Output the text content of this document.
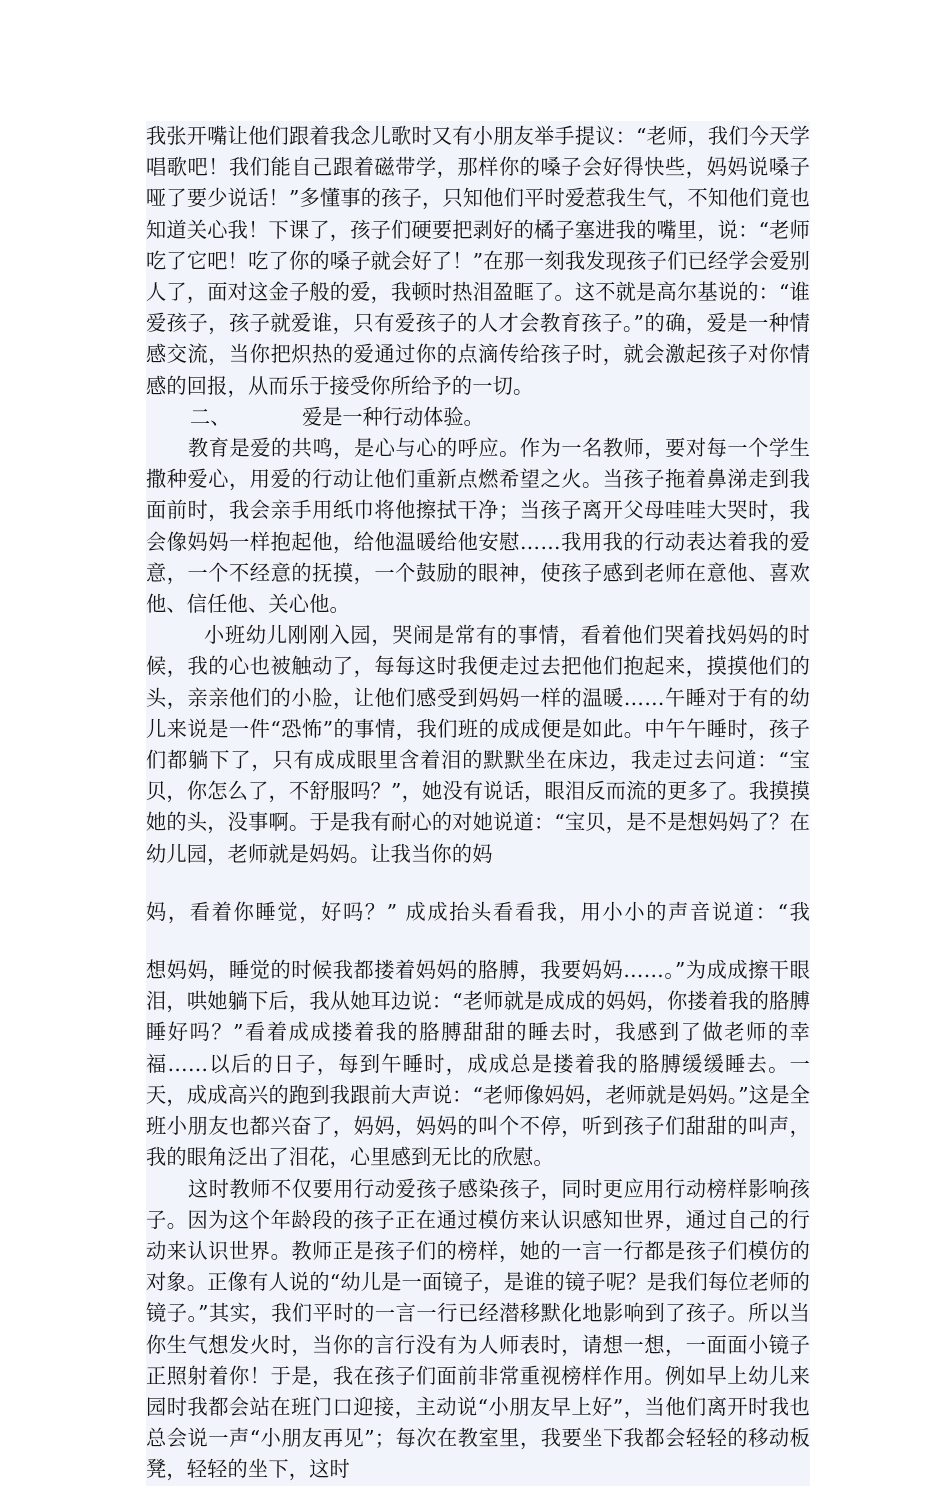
我张开嘴让他们跟着我念儿歌时又有小朋友举手提议：“老师，我们今天学唱歌吧！我们能自己跟着磁带学，那样你的嗓子会好得快些，妈妈说嗓子哑了要少说话！”多懂事的孩子，只知他们平时爱惹我生气，不知他们竟也知道关心我！下课了，孩子们硬要把剥好的橘子塞进我的嘴里，说：“老师吃了它吧！吃了你的嗓子就会好了！”在那一刻我发现孩子们已经学会爱别人了，面对这金子般的爱，我顿时热泪盈眶了。这不就是高尔基说的：“谁爱孩子，孩子就爱谁，只有爱孩子的人才会教育孩子。”的确，爱是一种情感交流，当你把炽热的爱通过你的点滴传给孩子时，就会激起孩子对你情感的回报，从而乐于接受你所给予的一切。

二、	爱是一种行动体验。

教育是爱的共鸣，是心与心的呼应。作为一名教师，要对每一个学生撒种爱心，用爱的行动让他们重新点燃希望之火。当孩子拖着鼻涕走到我面前时，我会亲手用纸巾将他擦拭干净；当孩子离开父母哇哇大哭时，我会像妈妈一样抱起他，给他温暖给他安慰……我用我的行动表达着我的爱意，一个不经意的抚摸，一个鼓励的眼神，使孩子感到老师在意他、喜欢他、信任他、关心他。

小班幼儿刚刚入园，哭闹是常有的事情，看着他们哭着找妈妈的时候，我的心也被触动了，每每这时我便走过去把他们抱起来，摸摸他们的头，亲亲他们的小脸，让他们感受到妈妈一样的温暖……午睡对于有的幼儿来说是一件“恐怖”的事情，我们班的成成便是如此。中午午睡时，孩子们都躺下了，只有成成眼里含着泪的默默坐在床边，我走过去问道：“宝贝，你怎么了，不舒服吗？”，她没有说话，眼泪反而流的更多了。我摸摸她的头，没事啊。于是我有耐心的对她说道：“宝贝，是不是想妈妈了？在幼儿园，老师就是妈妈。让我当你的妈

妈，看着你睡觉，好吗？” 成成抬头看看我，用小小的声音说道：“我

想妈妈，睡觉的时候我都搂着妈妈的胳膊，我要妈妈……。”为成成擦干眼泪，哄她躺下后，我从她耳边说：“老师就是成成的妈妈，你搂着我的胳膊睡好吗？”看着成成搂着我的胳膊甜甜的睡去时，我感到了做老师的幸福……以后的日子，每到午睡时，成成总是搂着我的胳膊缓缓睡去。一天，成成高兴的跑到我跟前大声说：“老师像妈妈，老师就是妈妈。”这是全班小朋友也都兴奋了，妈妈，妈妈的叫个不停，听到孩子们甜甜的叫声，我的眼角泛出了泪花，心里感到无比的欣慰。

这时教师不仅要用行动爱孩子感染孩子，同时更应用行动榜样影响孩子。因为这个年龄段的孩子正在通过模仿来认识感知世界，通过自己的行动来认识世界。教师正是孩子们的榜样，她的一言一行都是孩子们模仿的对象。正像有人说的“幼儿是一面镜子，是谁的镜子呢？是我们每位老师的镜子。”其实，我们平时的一言一行已经潜移默化地影响到了孩子。所以当你生气想发火时，当你的言行没有为人师表时，请想一想，一面面小镜子正照射着你！于是，我在孩子们面前非常重视榜样作用。例如早上幼儿来园时我都会站在班门口迎接，主动说“小朋友早上好”，当他们离开时我也总会说一声“小朋友再见”；每次在教室里，我要坐下我都会轻轻的移动板凳，轻轻的坐下，这时
